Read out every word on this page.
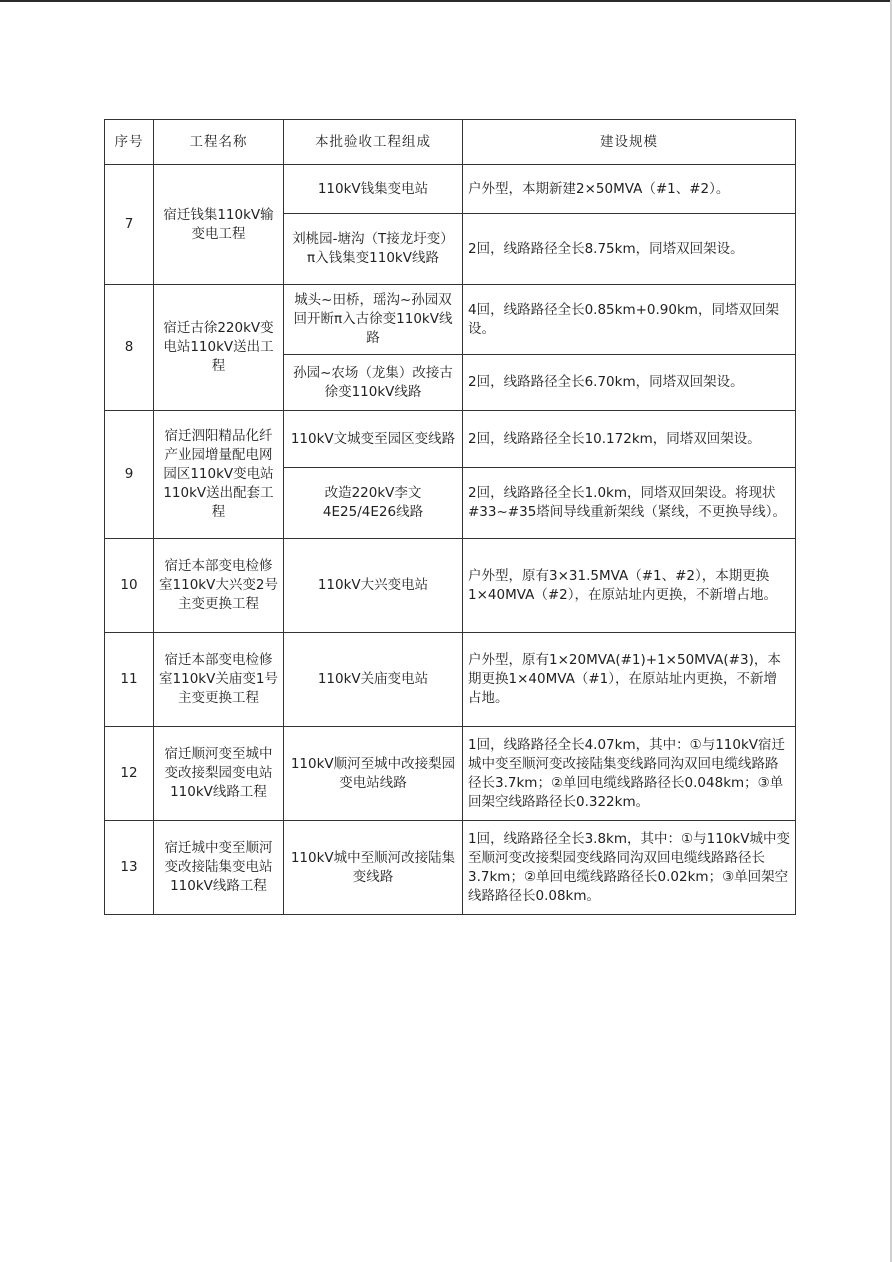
序号	工程名称	本批验收工程组成	建设规模
7	宿迁钱集110kV输变电工程	110kV钱集变电站	户外型，本期新建2×50MVA（#1、#2）。
		刘桃园-塘沟（T接龙圩变）π入钱集变110kV线路	2回，线路路径全长8.75km，同塔双回架设。
8	宿迁古徐220kV变电站110kV送出工程	城头~田桥，瑶沟~孙园双回开断π入古徐变110kV线路	4回，线路路径全长0.85km+0.90km，同塔双回架设。
		孙园~农场（龙集）改接古徐变110kV线路	2回，线路路径全长6.70km，同塔双回架设。
9	宿迁泗阳精品化纤产业园增量配电网园区110kV变电站110kV送出配套工程	110kV文城变至园区变线路	2回，线路路径全长10.172km，同塔双回架设。
		改造220kV李文4E25/4E26线路	2回，线路路径全长1.0km，同塔双回架设。将现状#33~#35塔间导线重新架线（紧线，不更换导线）。
10	宿迁本部变电检修室110kV大兴变2号主变更换工程	110kV大兴变电站	户外型，原有3×31.5MVA（#1、#2），本期更换1×40MVA（#2），在原站址内更换，不新增占地。
11	宿迁本部变电检修室110kV关庙变1号主变更换工程	110kV关庙变电站	户外型，原有1×20MVA(#1)+1×50MVA(#3)，本期更换1×40MVA（#1），在原站址内更换，不新增占地。
12	宿迁顺河变至城中变改接梨园变电站110kV线路工程	110kV顺河至城中改接梨园变电站线路	1回，线路路径全长4.07km，其中：①与110kV宿迁城中变至顺河变改接陆集变线路同沟双回电缆线路路径长3.7km；②单回电缆线路路径长0.048km；③单回架空线路路径长0.322km。
13	宿迁城中变至顺河变改接陆集变电站110kV线路工程	110kV城中至顺河改接陆集变线路	1回，线路路径全长3.8km，其中：①与110kV城中变至顺河变改接梨园变线路同沟双回电缆线路路径长3.7km；②单回电缆线路路径长0.02km；③单回架空线路路径长0.08km。
